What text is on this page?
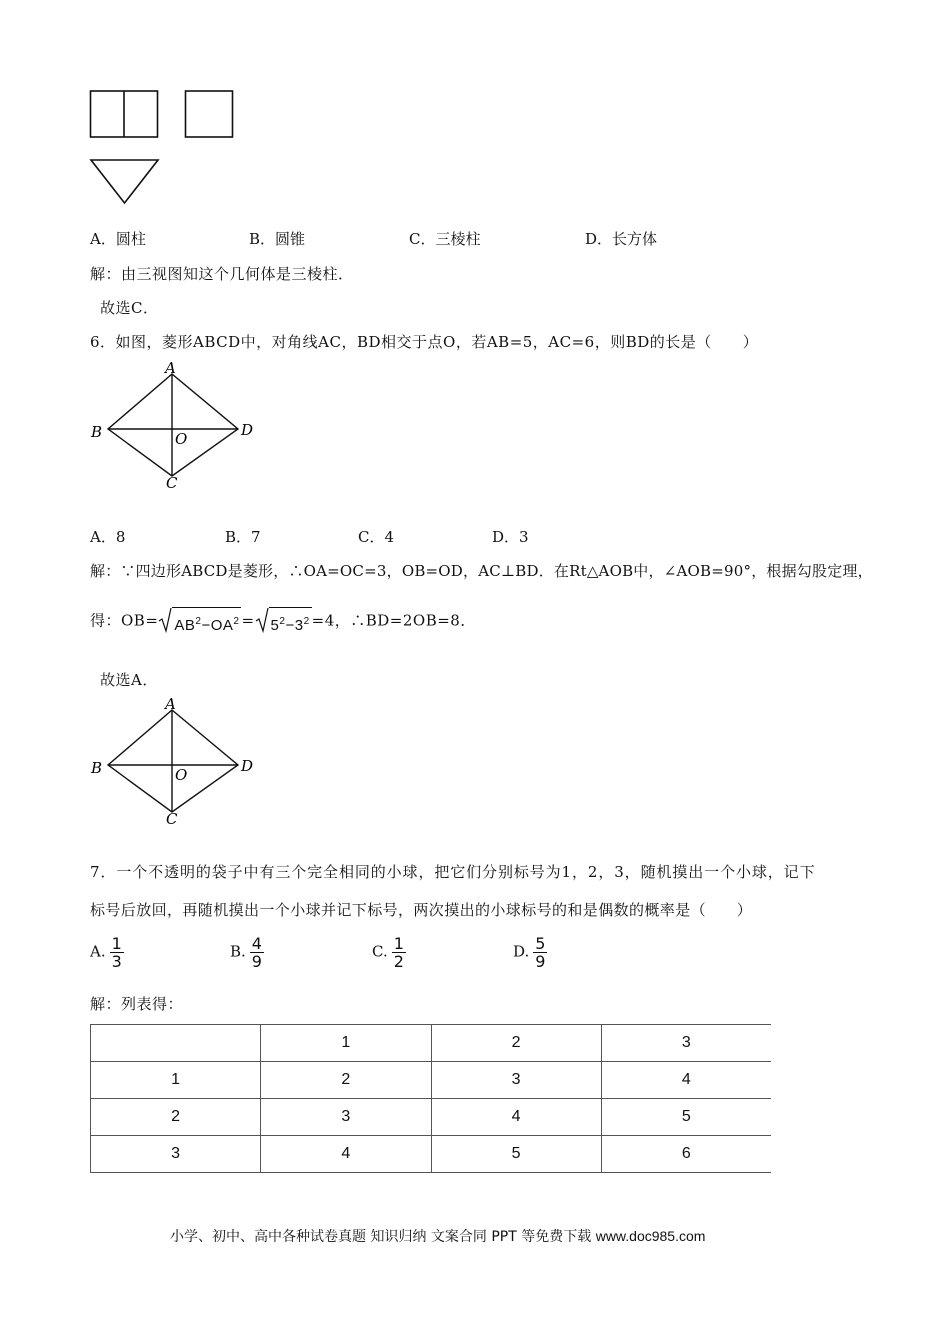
A．圆柱	B．圆锥	C．三棱柱	D．长方体
解：由三视图知这个几何体是三棱柱．
故选C．
6．如图，菱形ABCD中，对角线AC，BD相交于点O，若AB=5，AC=6，则BD的长是（　　）
A
B
C
D
O
A．8	B．7	C．4	D．3
解：∵四边形ABCD是菱形，∴OA=OC=3，OB=OD，AC⊥BD．在Rt△AOB中，∠AOB=90°，根据勾股定理，
得：$OB= AB^2-OA^2 = 5^2-3^2 =4$，∴BD=2OB=8．
故选A．
A
B
C
D
O
7．一个不透明的袋子中有三个完全相同的小球，把它们分别标号为1，2，3，随机摸出一个小球，记下
标号后放回，再随机摸出一个小球并记下标号，两次摸出的小球标号的和是偶数的概率是（　　）
A. $\frac{1}{3}$	B. $\frac{4}{9}$	C. $\frac{1}{2}$	D. $\frac{5}{9}$
解：列表得：
	1	2	3
1	2	3	4
2	3	4	5
3	4	5	6
小学、初中、高中各种试卷真题 知识归纳 文案合同 PPT 等免费下载 www.doc985.com
